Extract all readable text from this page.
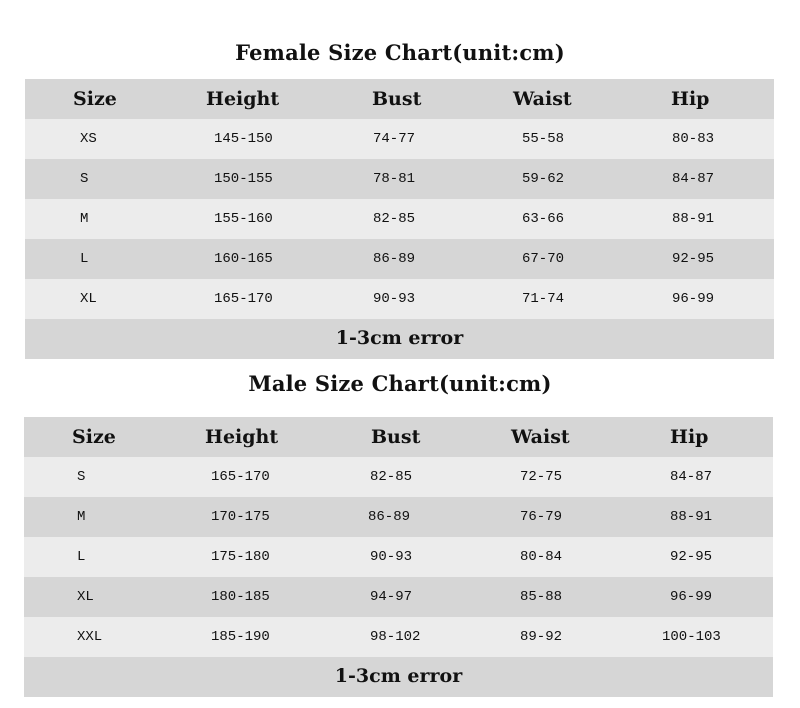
Female Size Chart(unit:cm)
Size	Height	Bust	Waist	Hip
XS	145-150	74-77	55-58	80-83
S	150-155	78-81	59-62	84-87
M	155-160	82-85	63-66	88-91
L	160-165	86-89	67-70	92-95
XL	165-170	90-93	71-74	96-99
1-3cm error
Male Size Chart(unit:cm)
Size	Height	Bust	Waist	Hip
S	165-170	82-85	72-75	84-87
M	170-175	86-89	76-79	88-91
L	175-180	90-93	80-84	92-95
XL	180-185	94-97	85-88	96-99
XXL	185-190	98-102	89-92	100-103
1-3cm error
